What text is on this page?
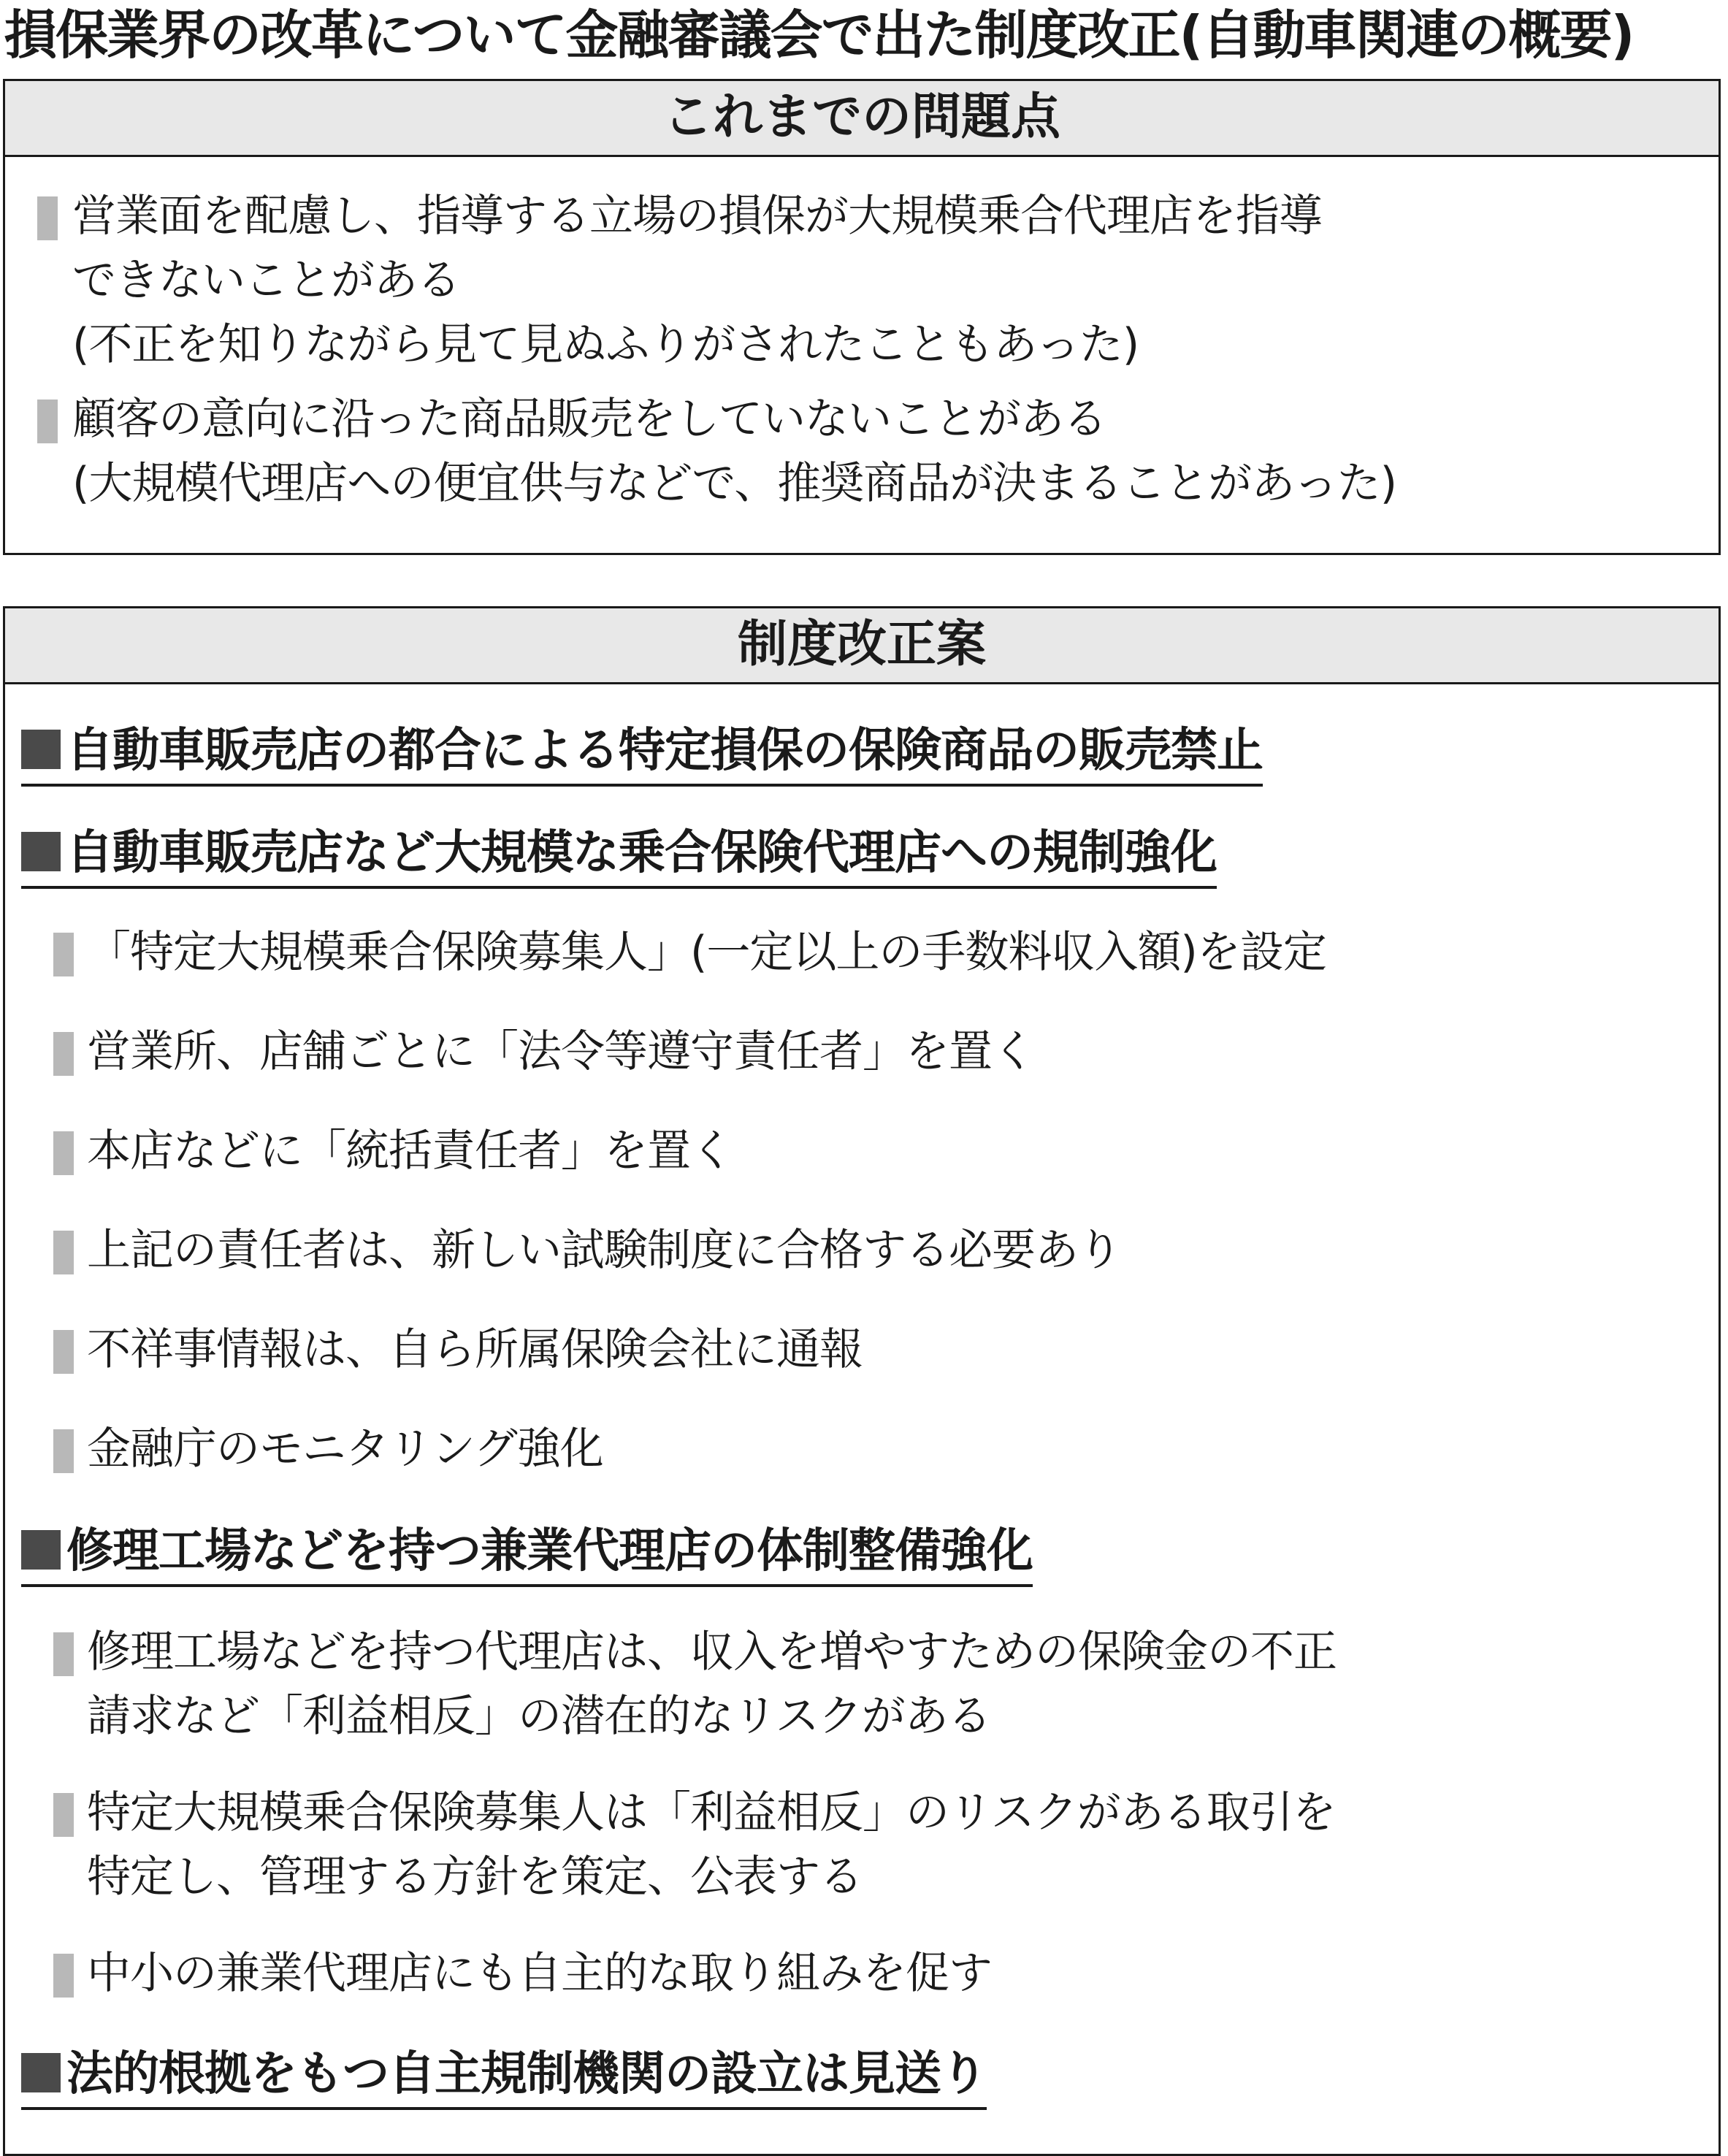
損保業界の改革について金融審議会で出た制度改正(自動車関連の概要)
これまでの問題点
営業面を配慮し、指導する立場の損保が大規模乗合代理店を指導
できないことがある
(不正を知りながら見て見ぬふりがされたこともあった)
顧客の意向に沿った商品販売をしていないことがある
(大規模代理店への便宜供与などで、推奨商品が決まることがあった)
制度改正案
自動車販売店の都合による特定損保の保険商品の販売禁止
自動車販売店など大規模な乗合保険代理店への規制強化
「特定大規模乗合保険募集人」(一定以上の手数料収入額)を設定
営業所、店舗ごとに「法令等遵守責任者」を置く
本店などに「統括責任者」を置く
上記の責任者は、新しい試験制度に合格する必要あり
不祥事情報は、自ら所属保険会社に通報
金融庁のモニタリング強化
修理工場などを持つ兼業代理店の体制整備強化
修理工場などを持つ代理店は、収入を増やすための保険金の不正
請求など「利益相反」の潜在的なリスクがある
特定大規模乗合保険募集人は「利益相反」のリスクがある取引を
特定し、管理する方針を策定、公表する
中小の兼業代理店にも自主的な取り組みを促す
法的根拠をもつ自主規制機関の設立は見送り
